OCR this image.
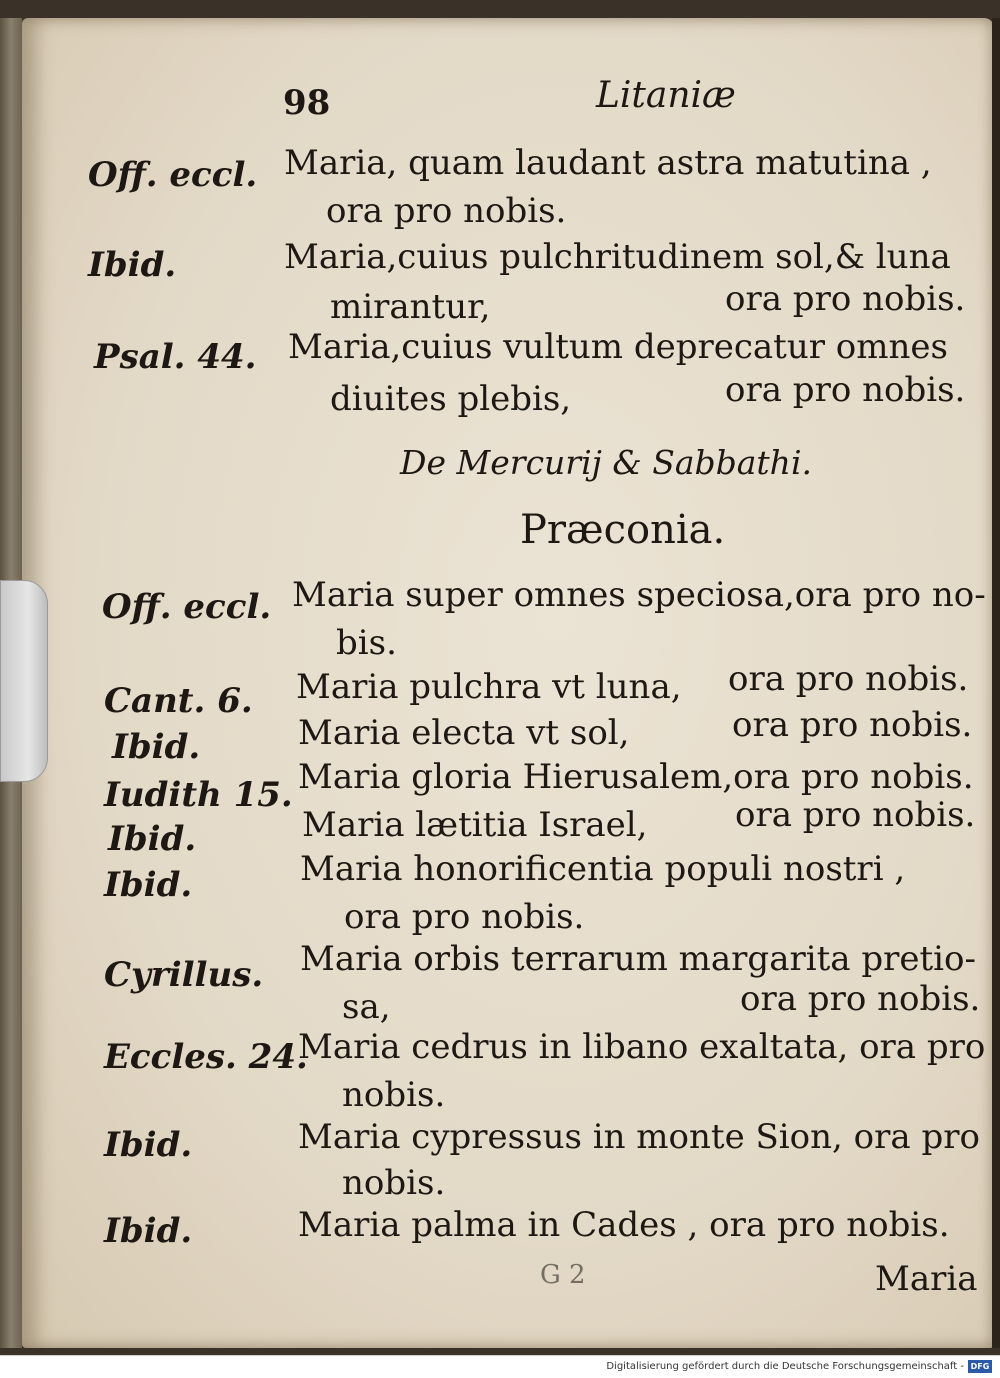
98	Litaniæ
Off. eccl. Maria, quam laudant astra matutina ,
ora pro nobis.
Ibid.	Maria,cuius pulchritudinem sol,& luna
mirantur,	ora pro nobis.
Psal. 44. Maria,cuius vultum deprecatur omnes
diuites plebis,	ora pro nobis.
De Mercurij & Sabbathi.
Præconia.
Off. eccl. Maria super omnes speciosa,ora pro no-
bis.
Cant. 6. Maria pulchra vt luna, ora pro nobis.
Ibid.	Maria electa vt sol,	ora pro nobis.
Iudith 15. Maria gloria Hierusalem,ora pro nobis.
Ibid.	Maria lætitia Israel,	ora pro nobis.
Ibid.	Maria honorificentia populi nostri ,
ora pro nobis.
Cyrillus. Maria orbis terrarum margarita pretio-
sa,	ora pro nobis.
Eccles. 24.
Maria cedrus in libano exaltata, ora pro
nobis.
Ibid.	Maria cypressus in monte Sion, ora pro
nobis.
Ibid.	Maria palma in Cades , ora pro nobis.
Maria
G 2
Digitalisierung gefördert durch die Deutsche Forschungsgemeinschaft - DFG
